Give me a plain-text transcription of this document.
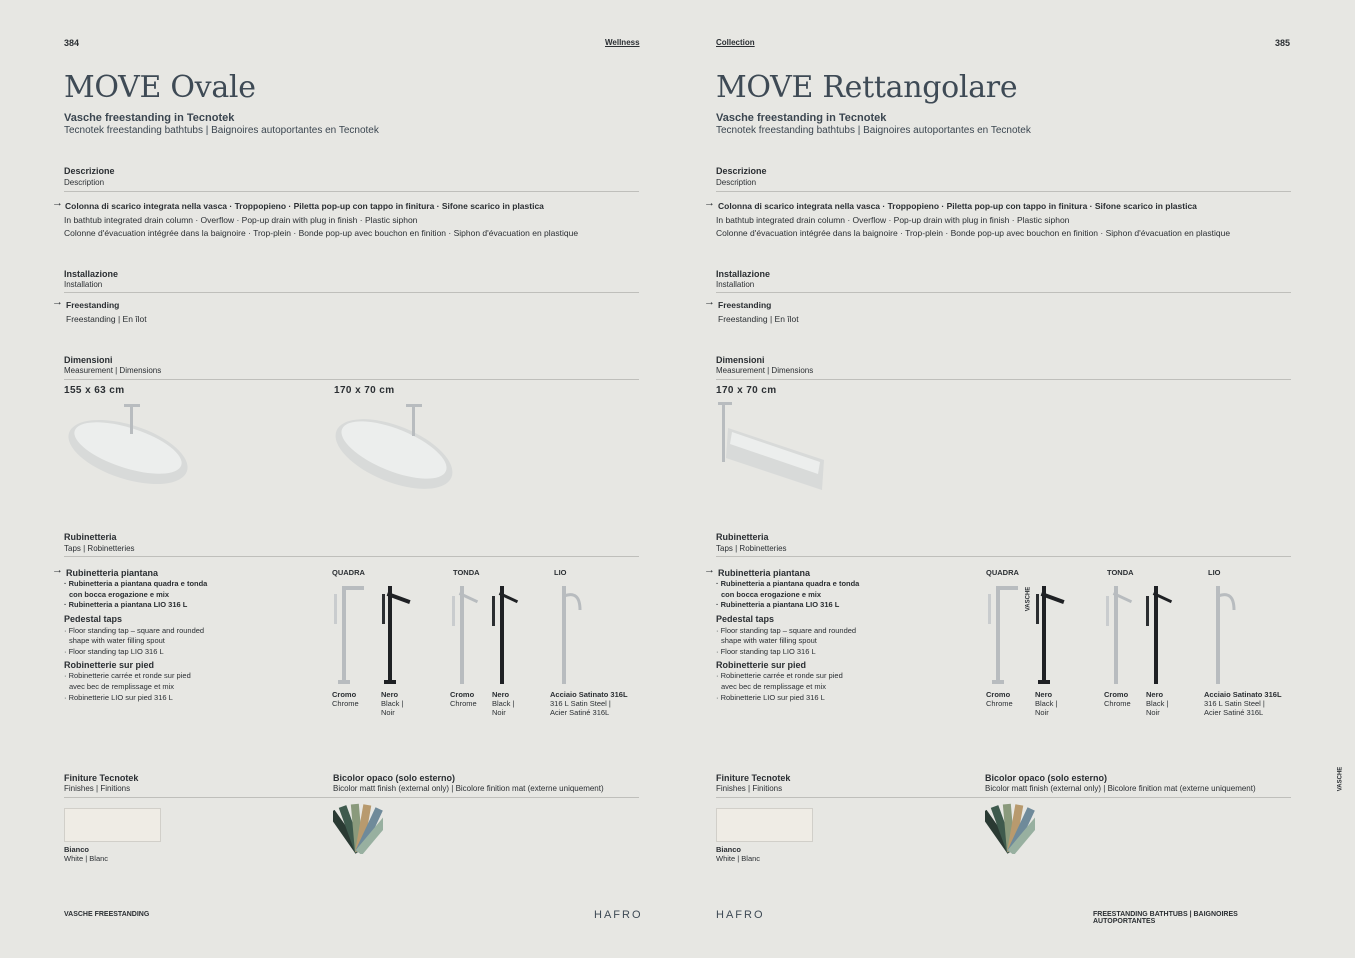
384	Wellness
MOVE Ovale
Vasche freestanding in Tecnotek
Tecnotek freestanding bathtubs | Baignoires autoportantes en Tecnotek
Descrizione
Description
→ Colonna di scarico integrata nella vasca · Troppopieno · Piletta pop-up con tappo in finitura · Sifone scarico in plastica
In bathtub integrated drain column · Overflow · Pop-up drain with plug in finish · Plastic siphon
Colonne d'évacuation intégrée dans la baignoire · Trop-plein · Bonde pop-up avec bouchon en finition · Siphon d'évacuation en plastique
Installazione
Installation
→ Freestanding
Freestanding | En îlot
Dimensioni
Measurement | Dimensions
155 x 63 cm	170 x 70 cm
Rubinetteria
Taps | Robinetteries
→ Rubinetteria piantana
· Rubinetteria a piantana quadra e tonda
con bocca erogazione e mix
· Rubinetteria a piantana LIO 316 L
Pedestal taps
· Floor standing tap – square and rounded
shape with water filling spout
· Floor standing tap LIO 316 L
Robinetterie sur pied
· Robinetterie carrée et ronde sur pied
avec bec de remplissage et mix
· Robinetterie LIO sur pied 316 L
QUADRA	TONDA	LIO
Cromo
Chrome
Nero
Black |
Noir
Cromo
Chrome
Nero
Black |
Noir
Acciaio Satinato 316L
316 L Satin Steel |
Acier Satiné 316L
Finiture Tecnotek
Finishes | Finitions
Bicolor opaco (solo esterno)
Bicolor matt finish (external only) | Bicolore finition mat (externe uniquement)
Bianco
White | Blanc
VASCHE FREESTANDING	HAFRO
Collection	385
MOVE Rettangolare
Vasche freestanding in Tecnotek
Tecnotek freestanding bathtubs | Baignoires autoportantes en Tecnotek
Descrizione
Description
→ Colonna di scarico integrata nella vasca · Troppopieno · Piletta pop-up con tappo in finitura · Sifone scarico in plastica
In bathtub integrated drain column · Overflow · Pop-up drain with plug in finish · Plastic siphon
Colonne d'évacuation intégrée dans la baignoire · Trop-plein · Bonde pop-up avec bouchon en finition · Siphon d'évacuation en plastique
Installazione
Installation
→ Freestanding
Freestanding | En îlot
Dimensioni
Measurement | Dimensions
170 x 70 cm
Rubinetteria
Taps | Robinetteries
→ Rubinetteria piantana
· Rubinetteria a piantana quadra e tonda
con bocca erogazione e mix
· Rubinetteria a piantana LIO 316 L
Pedestal taps
· Floor standing tap – square and rounded
shape with water filling spout
· Floor standing tap LIO 316 L
Robinetterie sur pied
· Robinetterie carrée et ronde sur pied
avec bec de remplissage et mix
· Robinetterie LIO sur pied 316 L
QUADRA	TONDA	LIO
VASCHE
Cromo
Chrome
Nero
Black |
Noir
Cromo
Chrome
Nero
Black |
Noir
Acciaio Satinato 316L
316 L Satin Steel |
Acier Satiné 316L
Finiture Tecnotek
Finishes | Finitions
Bicolor opaco (solo esterno)
Bicolor matt finish (external only) | Bicolore finition mat (externe uniquement)
Bianco
White | Blanc
HAFRO	FREESTANDING BATHTUBS | BAIGNOIRES AUTOPORTANTES
VASCHE
